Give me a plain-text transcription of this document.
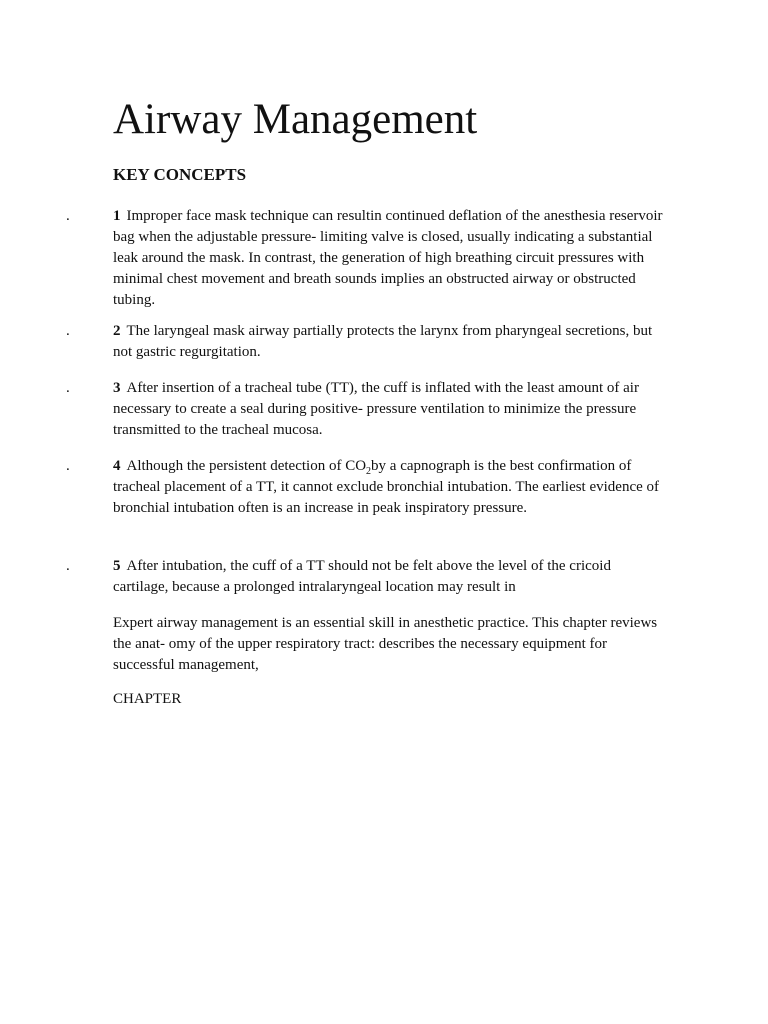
Airway Management
KEY CONCEPTS
.	1 Improper face mask technique can resultin continued deflation of the anesthesia reservoir bag when the adjustable pressure- limiting valve is closed, usually indicating a substantial leak around the mask. In contrast, the generation of high breathing circuit pressures with minimal chest movement and breath sounds implies an obstructed airway or obstructed tubing.
.	2 The laryngeal mask airway partially protects the larynx from pharyngeal secretions, but not gastric regurgitation.
.	3 After insertion of a tracheal tube (TT), the cuff is inflated with the least amount of air necessary to create a seal during positive- pressure ventilation to minimize the pressure transmitted to the tracheal mucosa.
.	4 Although the persistent detection of $CO_2by$ a capnograph is the best confirmation of tracheal placement of a TT, it cannot exclude bronchial intubation. The earliest evidence of bronchial intubation often is an increase in peak inspiratory pressure.
.	5 After intubation, the cuff of a TT should not be felt above the level of the cricoid cartilage, because a prolonged intralaryngeal location may result in

Expert airway management is an essential skill in anesthetic practice. This chapter reviews the anat- omy of the upper respiratory tract: describes the necessary equipment for successful management,

CHAPTER
